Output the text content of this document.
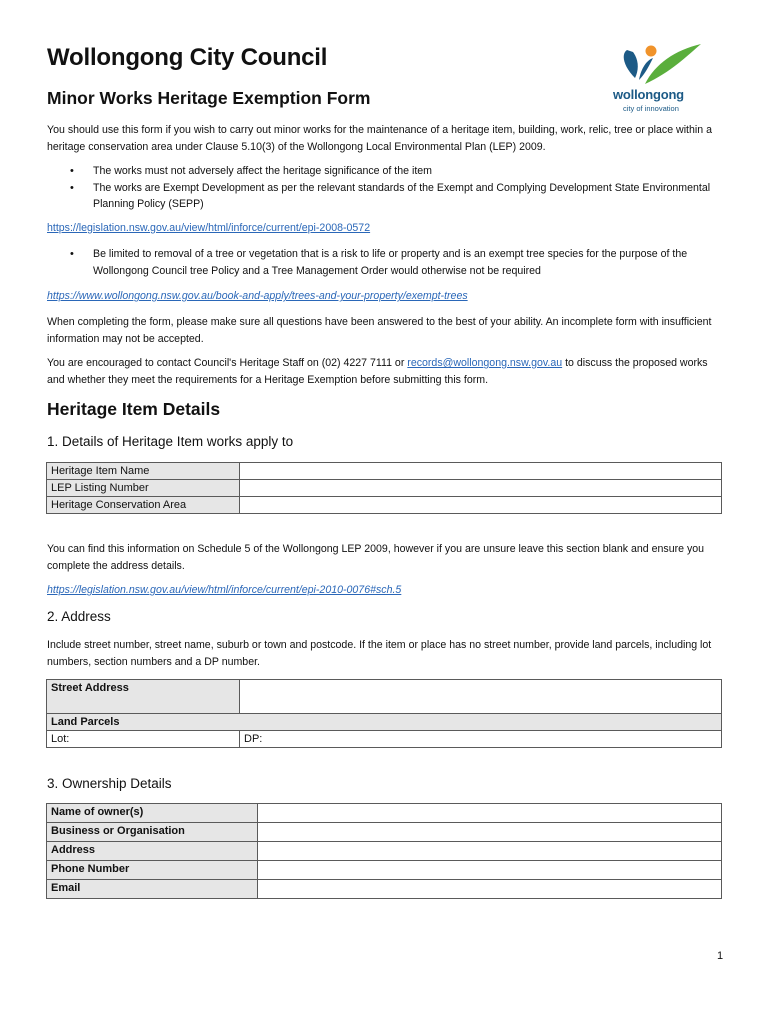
Wollongong City Council
Minor Works Heritage Exemption Form	wollongong
city of innovation
You should use this form if you wish to carry out minor works for the maintenance of a heritage item, building, work, relic, tree or place within a heritage conservation area under Clause 5.10(3) of the Wollongong Local Environmental Plan (LEP) 2009.
• The works must not adversely affect the heritage significance of the item
• The works are Exempt Development as per the relevant standards of the Exempt and Complying Development State Environmental Planning Policy (SEPP)
https://legislation.nsw.gov.au/view/html/inforce/current/epi-2008-0572
• Be limited to removal of a tree or vegetation that is a risk to life or property and is an exempt tree species for the purpose of the Wollongong Council tree Policy and a Tree Management Order would otherwise not be required
https://www.wollongong.nsw.gov.au/book-and-apply/trees-and-your-property/exempt-trees
When completing the form, please make sure all questions have been answered to the best of your ability. An incomplete form with insufficient information may not be accepted.
You are encouraged to contact Council's Heritage Staff on (02) 4227 7111 or records@wollongong.nsw.gov.au to discuss the proposed works and whether they meet the requirements for a Heritage Exemption before submitting this form.
Heritage Item Details
1. Details of Heritage Item works apply to
Heritage Item Name	
LEP Listing Number	
Heritage Conservation Area	
You can find this information on Schedule 5 of the Wollongong LEP 2009, however if you are unsure leave this section blank and ensure you complete the address details.
https://legislation.nsw.gov.au/view/html/inforce/current/epi-2010-0076#sch.5
2. Address
Include street number, street name, suburb or town and postcode. If the item or place has no street number, provide land parcels, including lot numbers, section numbers and a DP number.
Street Address	
Land Parcels	
Lot:	DP:
3. Ownership Details
Name of owner(s)	
Business or Organisation	
Address	
Phone Number	
Email	
1
